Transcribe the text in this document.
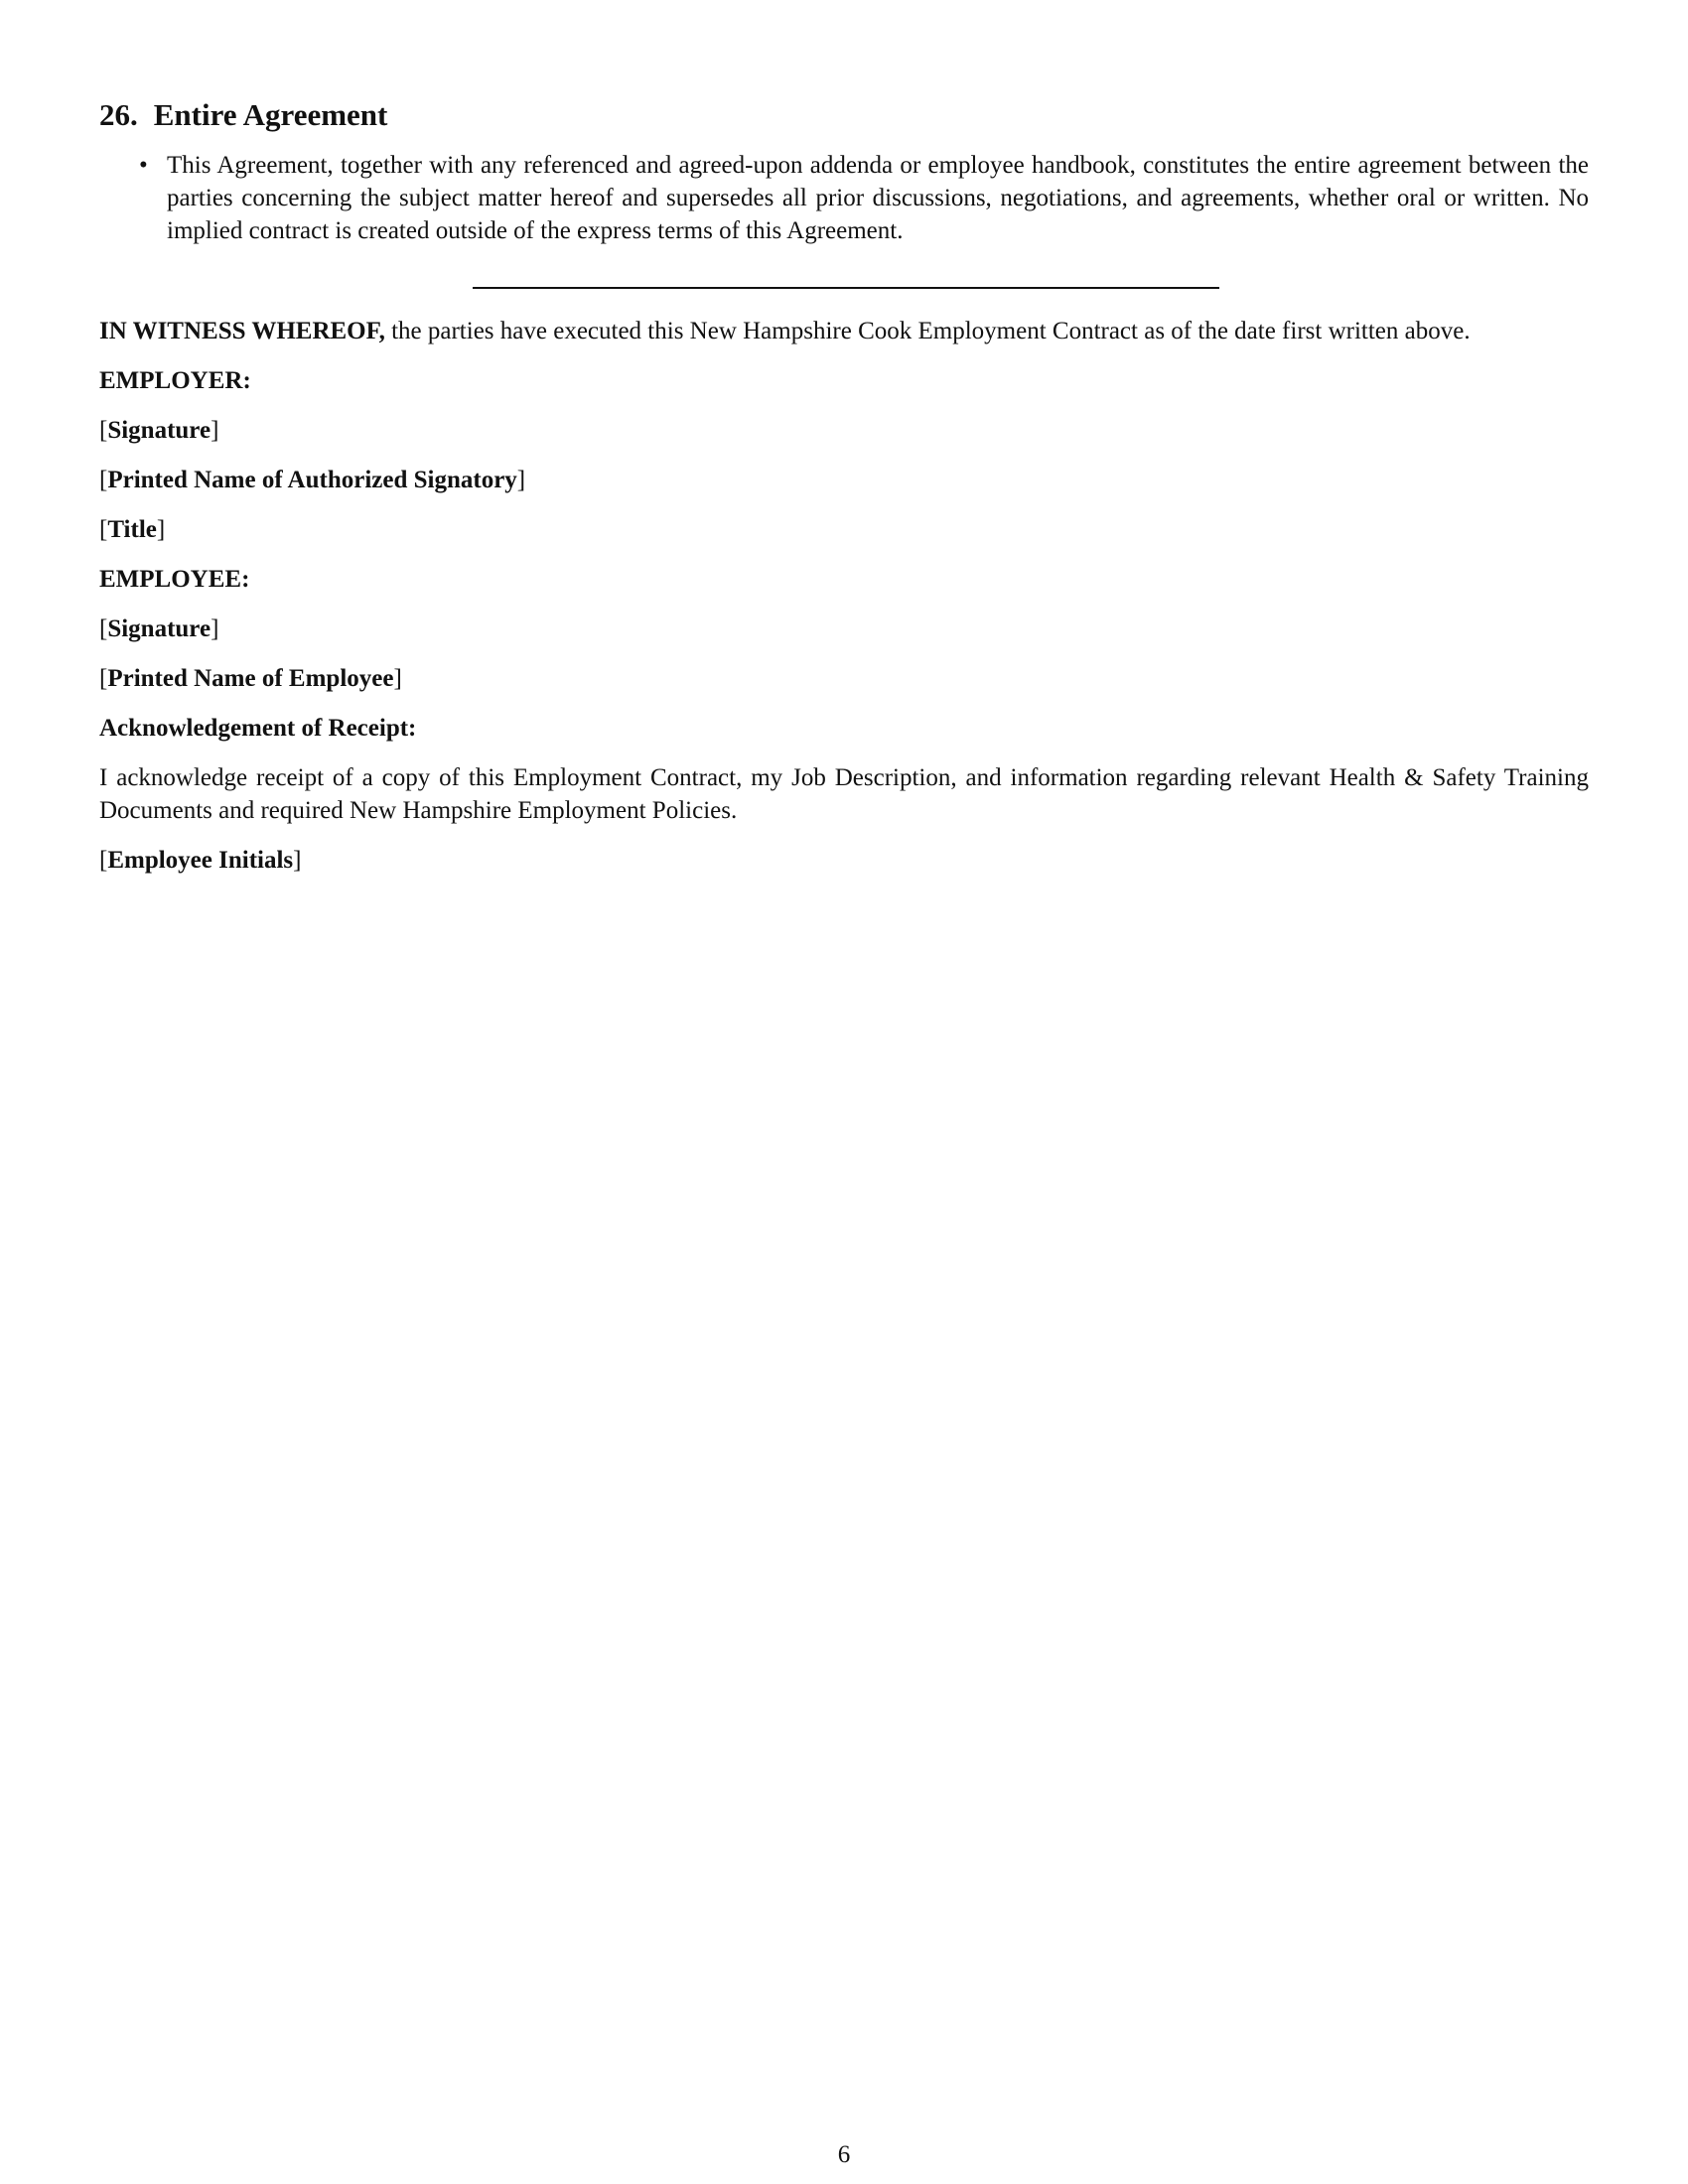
26. Entire Agreement
• This Agreement, together with any referenced and agreed-upon addenda or employee handbook, constitutes the entire agreement between the parties concerning the subject matter hereof and supersedes all prior discussions, negotiations, and agreements, whether oral or written. No implied contract is created outside of the express terms of this Agreement.

IN WITNESS WHEREOF, the parties have executed this New Hampshire Cook Employment Contract as of the date first written above.

EMPLOYER:
[Signature]
[Printed Name of Authorized Signatory]
[Title]
EMPLOYEE:
[Signature]
[Printed Name of Employee]
Acknowledgement of Receipt:

I acknowledge receipt of a copy of this Employment Contract, my Job Description, and information regarding relevant Health & Safety Training Documents and required New Hampshire Employment Policies.

[Employee Initials]
6
